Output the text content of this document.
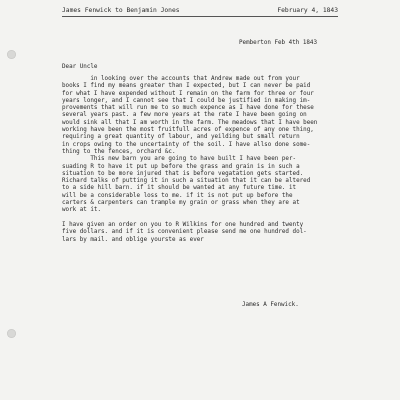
James Fenwick to Benjamin Jones	February 4, 1843
Pemberton Feb 4th 1843
Dear Uncle
in looking over the accounts that Andrew made out from your
books I find my means greater than I expected, but I can never be paid
for what I have expended without I remain on the farm for three or four
years longer, and I cannot see that I could be justified in making im-
provements that will run me to so much expence as I have done for these
several years past. a few more years at the rate I have been going on
would sink all that I am worth in the farm. The meadows that I have been
working have been the most fruitfull acres of expence of any one thing,
requiring a great quantity of labour, and yeilding but small return
in crops owing to the uncertainty of the soil. I have allso done some-
thing to the fences, orchard &c.
This new barn you are going to have built I have been per-
suading R to have it put up before the grass and grain is in such a
situation to be more injured that is before vegatation gets started.
Richard talks of putting it in such a situation that it can be altered
to a side hill barn. if it should be wanted at any future time. it
will be a considerable loss to me. if it is not put up before the
carters & carpenters can trample my grain or grass when they are at
work at it.

I have given an order on you to R Wilkins for one hundred and twenty
five dollars. and if it is convenient please send me one hundred dol-
lars by mail. and oblige yourste as ever
James A Fenwick.
